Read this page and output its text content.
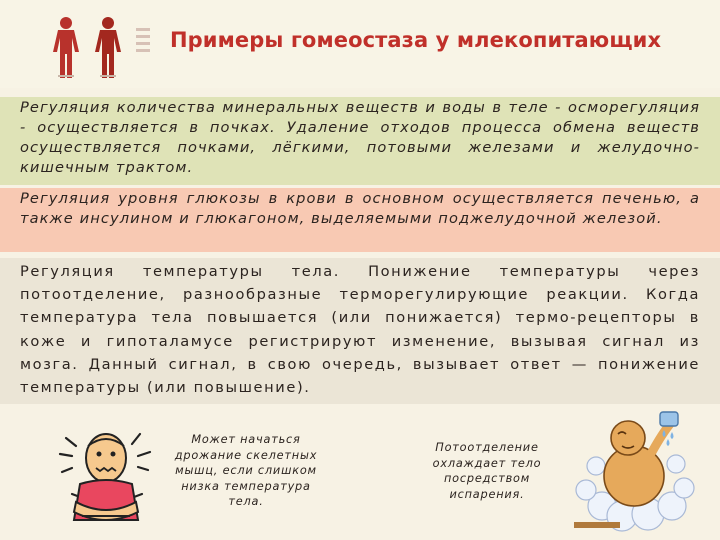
Примеры гомеостаза у млекопитающих
Регуляция количества минеральных веществ и воды в теле - осморегуляция - осуществляется в почках. Удаление отходов процесса обмена веществ осуществляется почками, лёгкими, потовыми железами и желудочно-кишечным трактом.
Регуляция уровня глюкозы в крови в основном осуществляется печенью, а также инсулином и глюкагоном, выделяемыми поджелудочной железой.
Регуляция температуры тела. Понижение температуры через потоотделение, разнообразные терморегулирующие реакции. Когда температура тела повышается (или понижается) термо-рецепторы в коже и гипоталамусе регистрируют изменение, вызывая сигнал из мозга. Данный сигнал, в свою очередь, вызывает ответ — понижение температуры (или повышение).
Может начаться дрожание скелетных мышц, если слишком низка температура тела.
Потоотделение охлаждает тело посредством испарения.
